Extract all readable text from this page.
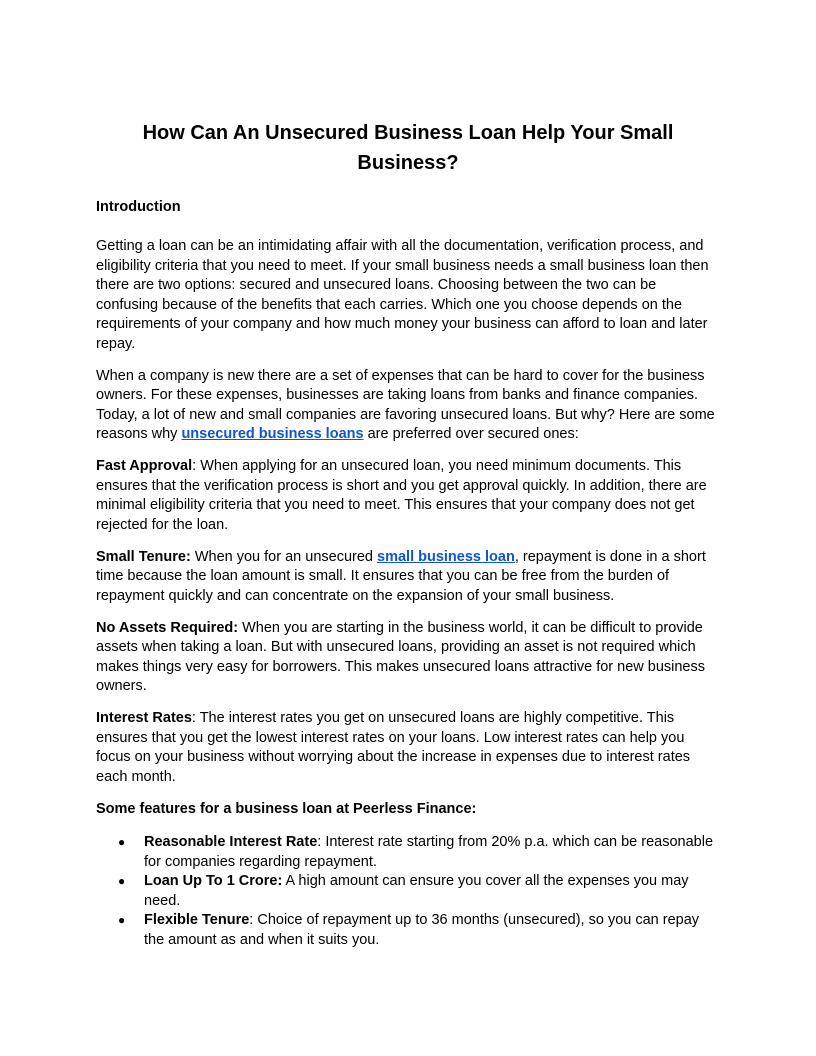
How Can An Unsecured Business Loan Help Your Small Business?
Introduction

Getting a loan can be an intimidating affair with all the documentation, verification process, and eligibility criteria that you need to meet. If your small business needs a small business loan then there are two options: secured and unsecured loans. Choosing between the two can be confusing because of the benefits that each carries. Which one you choose depends on the requirements of your company and how much money your business can afford to loan and later repay.

When a company is new there are a set of expenses that can be hard to cover for the business owners. For these expenses, businesses are taking loans from banks and finance companies. Today, a lot of new and small companies are favoring unsecured loans. But why? Here are some reasons why unsecured business loans are preferred over secured ones:

Fast Approval: When applying for an unsecured loan, you need minimum documents. This ensures that the verification process is short and you get approval quickly. In addition, there are minimal eligibility criteria that you need to meet. This ensures that your company does not get rejected for the loan.

Small Tenure: When you for an unsecured small business loan, repayment is done in a short time because the loan amount is small. It ensures that you can be free from the burden of repayment quickly and can concentrate on the expansion of your small business.

No Assets Required: When you are starting in the business world, it can be difficult to provide assets when taking a loan. But with unsecured loans, providing an asset is not required which makes things very easy for borrowers. This makes unsecured loans attractive for new business owners.

Interest Rates: The interest rates you get on unsecured loans are highly competitive. This ensures that you get the lowest interest rates on your loans. Low interest rates can help you focus on your business without worrying about the increase in expenses due to interest rates each month.

Some features for a business loan at Peerless Finance:
● Reasonable Interest Rate: Interest rate starting from 20% p.a. which can be reasonable for companies regarding repayment.
● Loan Up To 1 Crore: A high amount can ensure you cover all the expenses you may need.
● Flexible Tenure: Choice of repayment up to 36 months (unsecured), so you can repay the amount as and when it suits you.
